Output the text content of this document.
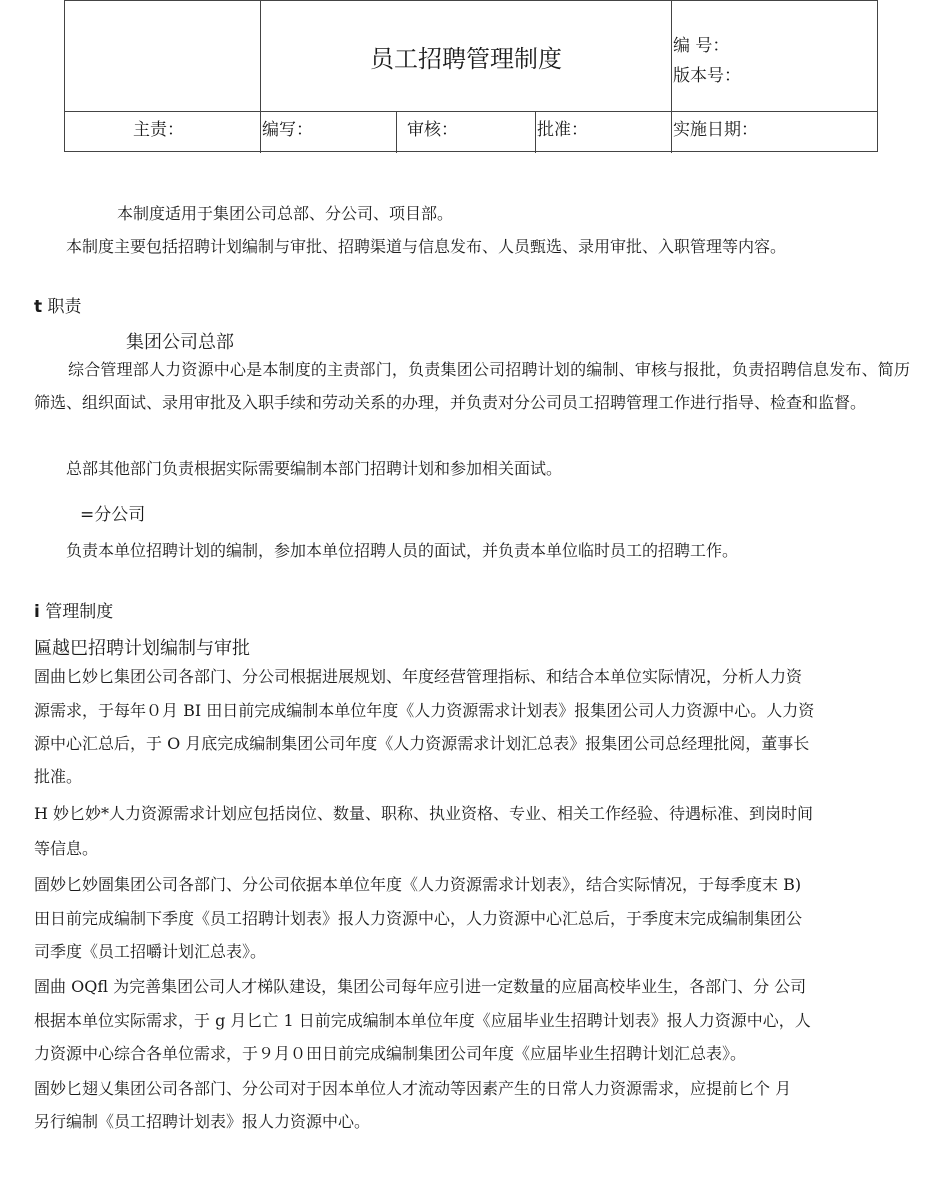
员工招聘管理制度	编 号：
版本号：
主责：	编写：	审核：	批准：	实施日期：
本制度适用于集团公司总部、分公司、项目部。
本制度主要包括招聘计划编制与审批、招聘渠道与信息发布、人员甄选、录用审批、入职管理等内容。
t 职责
集团公司总部
综合管理部人力资源中心是本制度的主责部门，负责集团公司招聘计划的编制、审核与报批，负责招聘信息发布、简历筛选、组织面试、录用审批及入职手续和劳动关系的办理，并负责对分公司员工招聘管理工作进行指导、检查和监督。
总部其他部门负责根据实际需要编制本部门招聘计划和参加相关面试。
=分公司
负责本单位招聘计划的编制，参加本单位招聘人员的面试，并负责本单位临时员工的招聘工作。
i 管理制度
匾越巴招聘计划编制与审批
圄曲匕妙匕集团公司各部门、分公司根据进展规划、年度经营管理指标、和结合本单位实际情况，分析人力资
源需求，于每年０月 BI 田日前完成编制本单位年度《人力资源需求计划表》报集团公司人力资源中心。人力资
源中心汇总后，于 O 月底完成编制集团公司年度《人力资源需求计划汇总表》报集团公司总经理批阅，董事长
批准。
H 妙匕妙*人力资源需求计划应包括岗位、数量、职称、执业资格、专业、相关工作经验、待遇标准、到岗时间
等信息。
圄妙匕妙圄集团公司各部门、分公司依据本单位年度《人力资源需求计划表》，结合实际情况，于每季度末 B)
田日前完成编制下季度《员工招聘计划表》报人力资源中心，人力资源中心汇总后，于季度末完成编制集团公
司季度《员工招嚼计划汇总表》。
圄曲 OQfl 为完善集团公司人才梯队建设，集团公司每年应引进一定数量的应届高校毕业生，各部门、分 公司
根据本单位实际需求，于 g 月匕亡 1 日前完成编制本单位年度《应届毕业生招聘计划表》报人力资源中心，人
力资源中心综合各单位需求，于９月０田日前完成编制集团公司年度《应届毕业生招聘计划汇总表》。
圄妙匕翅乂集团公司各部门、分公司对于因本单位人才流动等因素产生的日常人力资源需求，应提前匕个 月
另行编制《员工招聘计划表》报人力资源中心。
